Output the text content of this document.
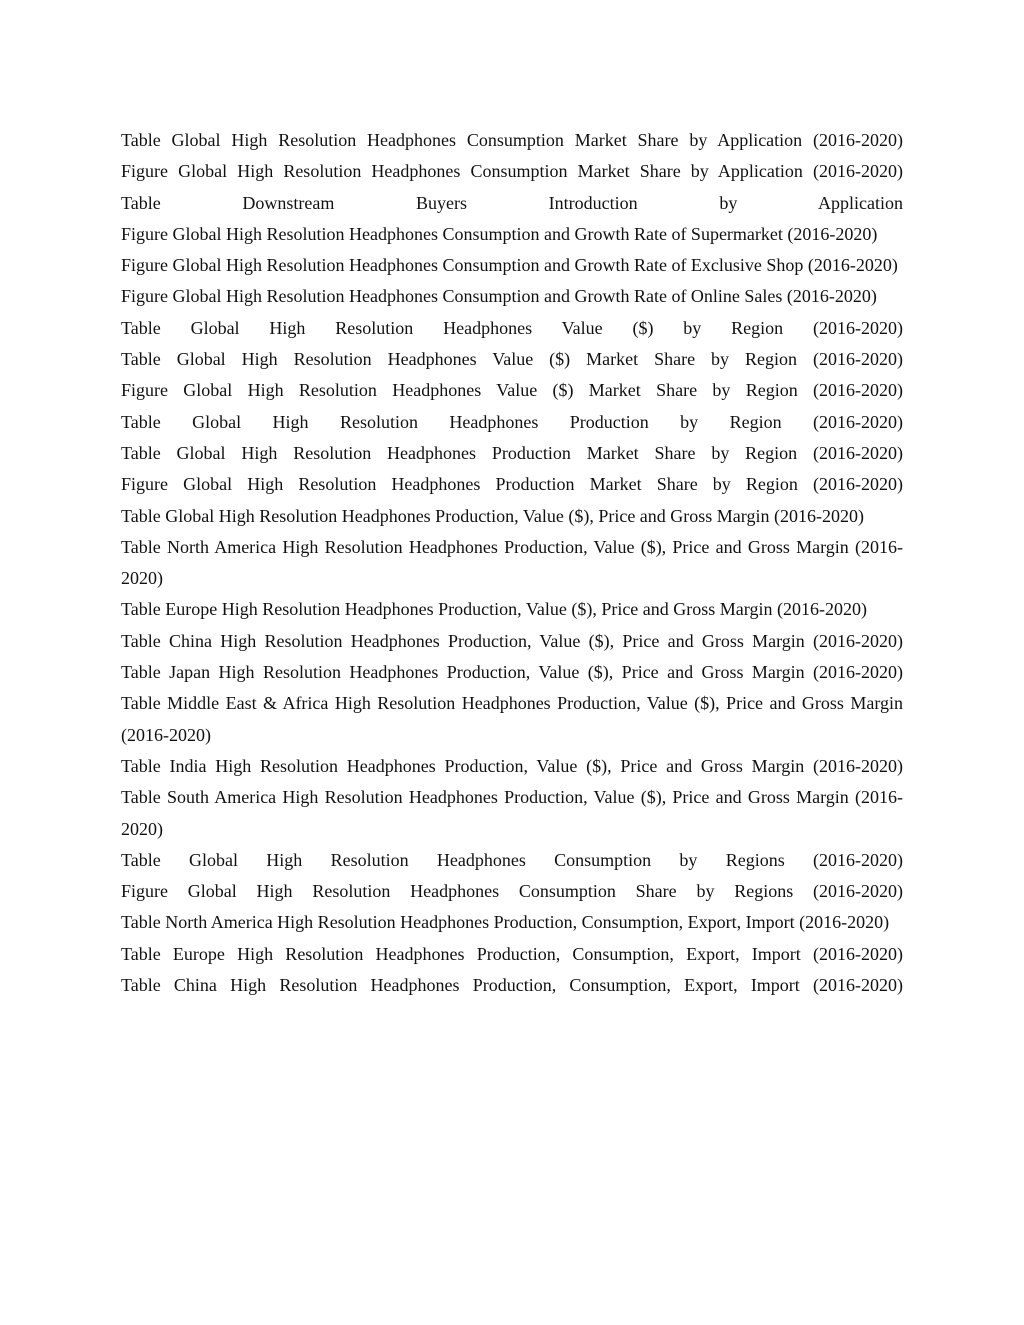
Table Global High Resolution Headphones Consumption Market Share by Application (2016-2020)

Figure Global High Resolution Headphones Consumption Market Share by Application (2016-2020)

Table Downstream Buyers Introduction by Application

Figure Global High Resolution Headphones Consumption and Growth Rate of Supermarket (2016-2020)

Figure Global High Resolution Headphones Consumption and Growth Rate of Exclusive Shop (2016-2020)

Figure Global High Resolution Headphones Consumption and Growth Rate of Online Sales (2016-2020)

Table Global High Resolution Headphones Value ($) by Region (2016-2020)

Table Global High Resolution Headphones Value ($) Market Share by Region (2016-2020)

Figure Global High Resolution Headphones Value ($) Market Share by Region (2016-2020)

Table Global High Resolution Headphones Production by Region (2016-2020)

Table Global High Resolution Headphones Production Market Share by Region (2016-2020)

Figure Global High Resolution Headphones Production Market Share by Region (2016-2020)

Table Global High Resolution Headphones Production, Value ($), Price and Gross Margin (2016-2020)

Table North America High Resolution Headphones Production, Value ($), Price and Gross Margin (2016-2020)

Table Europe High Resolution Headphones Production, Value ($), Price and Gross Margin (2016-2020)

Table China High Resolution Headphones Production, Value ($), Price and Gross Margin (2016-2020)

Table Japan High Resolution Headphones Production, Value ($), Price and Gross Margin (2016-2020)

Table Middle East & Africa High Resolution Headphones Production, Value ($), Price and Gross Margin (2016-2020)

Table India High Resolution Headphones Production, Value ($), Price and Gross Margin (2016-2020)

Table South America High Resolution Headphones Production, Value ($), Price and Gross Margin (2016-2020)

Table Global High Resolution Headphones Consumption by Regions (2016-2020)

Figure Global High Resolution Headphones Consumption Share by Regions (2016-2020)

Table North America High Resolution Headphones Production, Consumption, Export, Import (2016-2020)

Table Europe High Resolution Headphones Production, Consumption, Export, Import (2016-2020)

Table China High Resolution Headphones Production, Consumption, Export, Import (2016-2020)
